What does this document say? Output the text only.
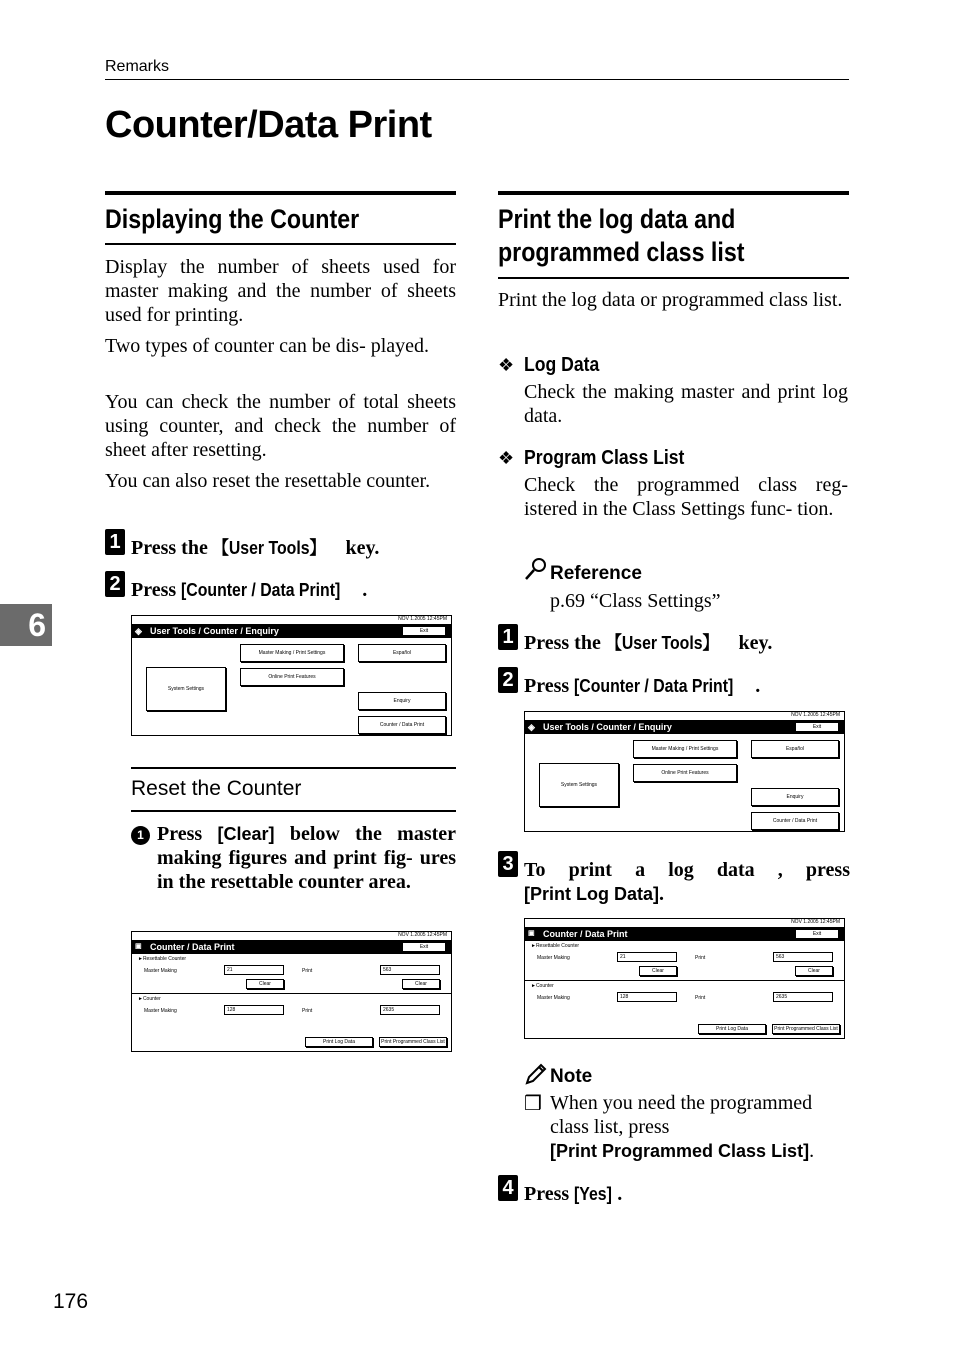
Remarks
Counter/Data Print
6
Displaying the Counter

Display the number of sheets used for master making and the number of sheets used for printing.

Two types of counter can be dis- played.

You can check the number of total sheets using counter, and check the number of sheet after resetting.

You can also reset the resettable counter.

1 Press the 【User Tools】 key.

2 Press [Counter / Data Print] .

◈ User Tools / Counter / Enquiry
NOV 1.2005 12:45PM
Exit
Master Making / Print Settings
Online Print Features
System Settings
Español
Enquiry
Counter / Data Print
Reset the Counter
1 Press [Clear] below the master making figures and print fig- ures in the resettable counter area.

▣ Counter / Data Print
NOV 1.2005 12:45PM
Exit
►Resettable Counter
Master Making	21	Print	563
Clear	Clear
►Counter
Master Making	128	Print	2635
Print Log Data	Print Programmed Class List
Print the log data and
programmed class list

Print the log data or programmed class list.

❖ Log Data

Check the making master and print log data.

❖ Program Class List

Check the programmed class reg- istered in the Class Settings func- tion.

Reference

p.69 “Class Settings”

1 Press the 【User Tools】 key.

2 Press [Counter / Data Print] .

◈ User Tools / Counter / Enquiry
NOV 1.2005 12:45PM
Exit
Master Making / Print Settings
Online Print Features
System Settings
Español
Enquiry
Counter / Data Print
3 To print a log data , press [Print Log Data].

▣ Counter / Data Print
NOV 1.2005 12:45PM
Exit
►Resettable Counter
Master Making	21	Print	563
Clear	Clear
►Counter
Master Making	128	Print	2635
Print Log Data	Print Programmed Class List
Note
❒ When you need the programmed class list, press [Print Programmed Class List].

4 Press [Yes] .

176
